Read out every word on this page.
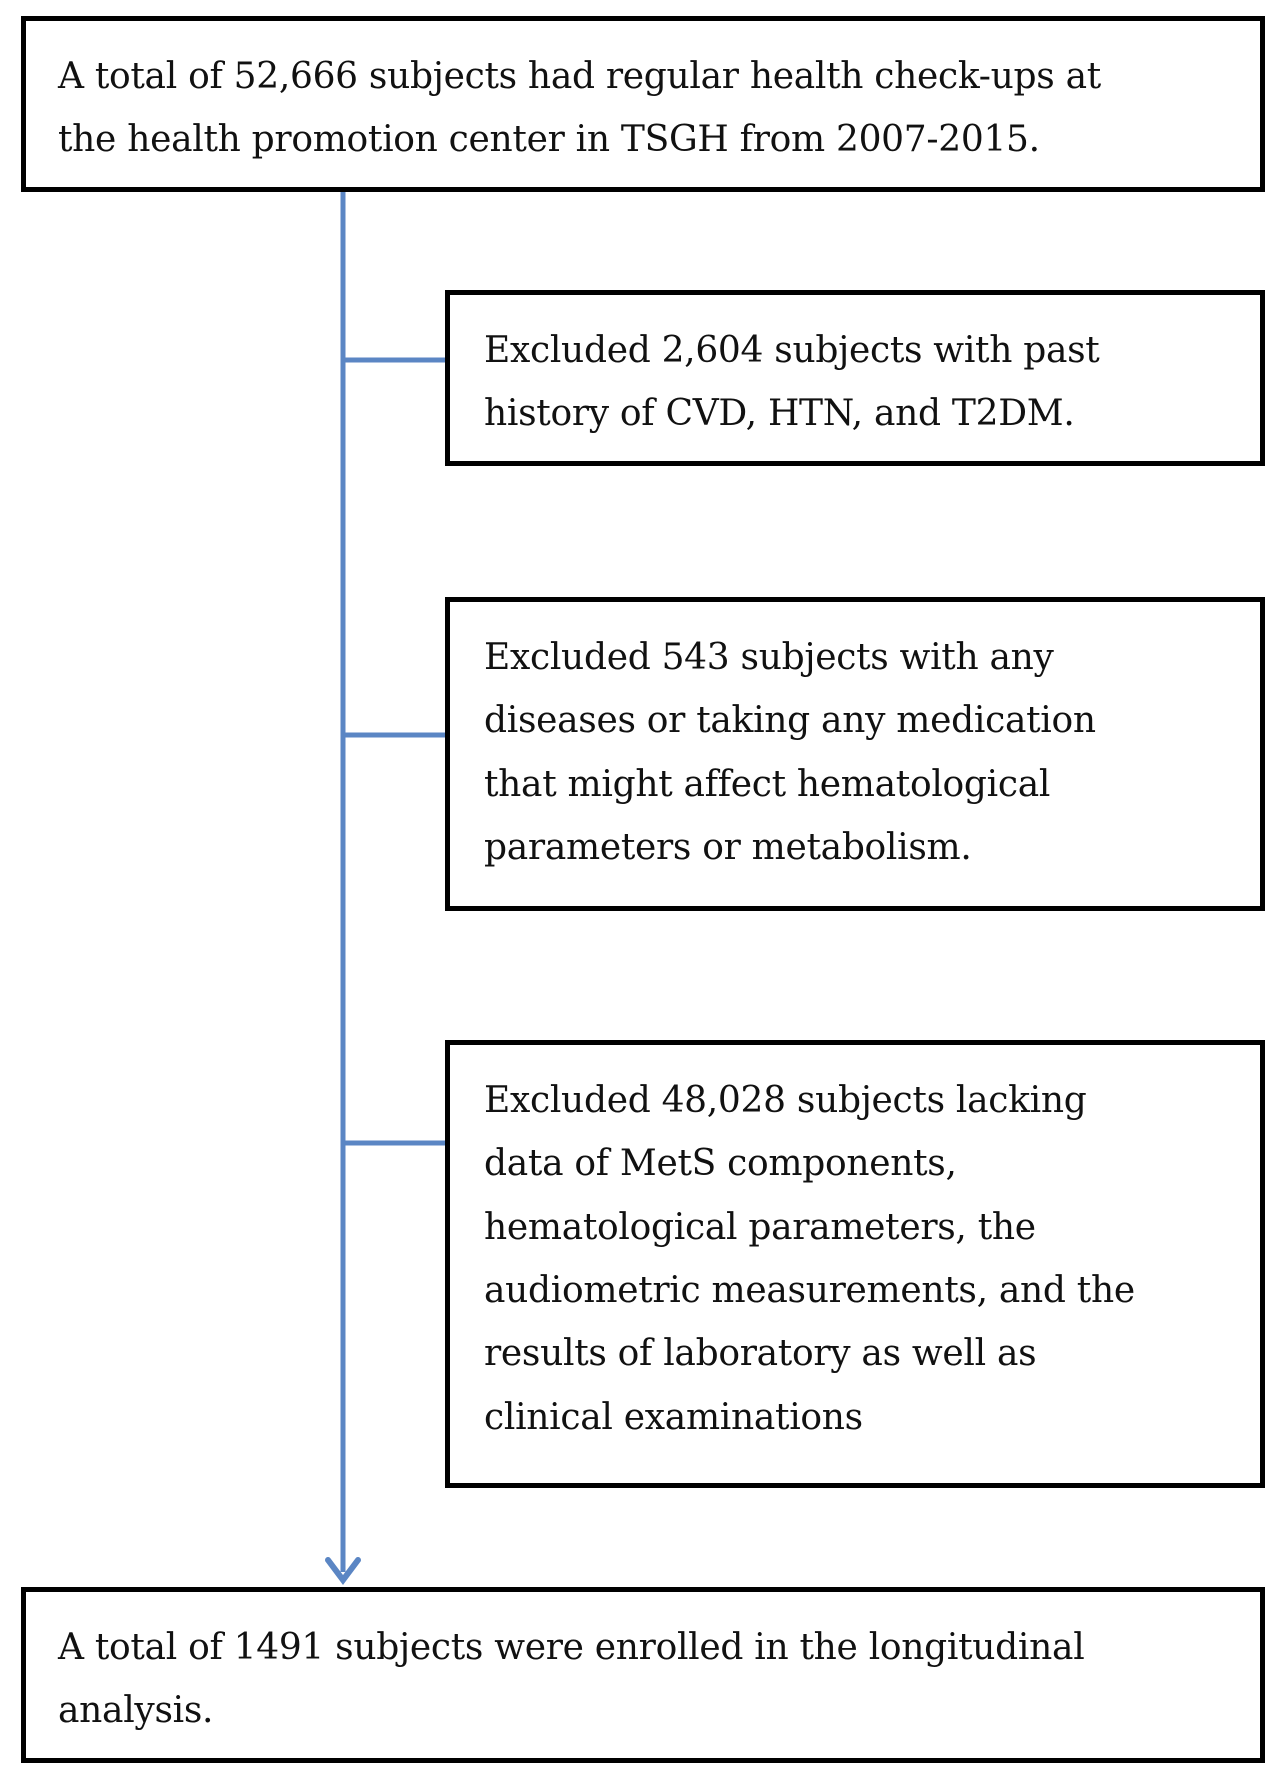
A total of 52,666 subjects had regular health check-ups at
the health promotion center in TSGH from 2007-2015.

Excluded 2,604 subjects with past
history of CVD, HTN, and T2DM.

Excluded 543 subjects with any
diseases or taking any medication
that might affect hematological
parameters or metabolism.

Excluded 48,028 subjects lacking
data of MetS components,
hematological parameters, the
audiometric measurements, and the
results of laboratory as well as
clinical examinations

A total of 1491 subjects were enrolled in the longitudinal
analysis.
